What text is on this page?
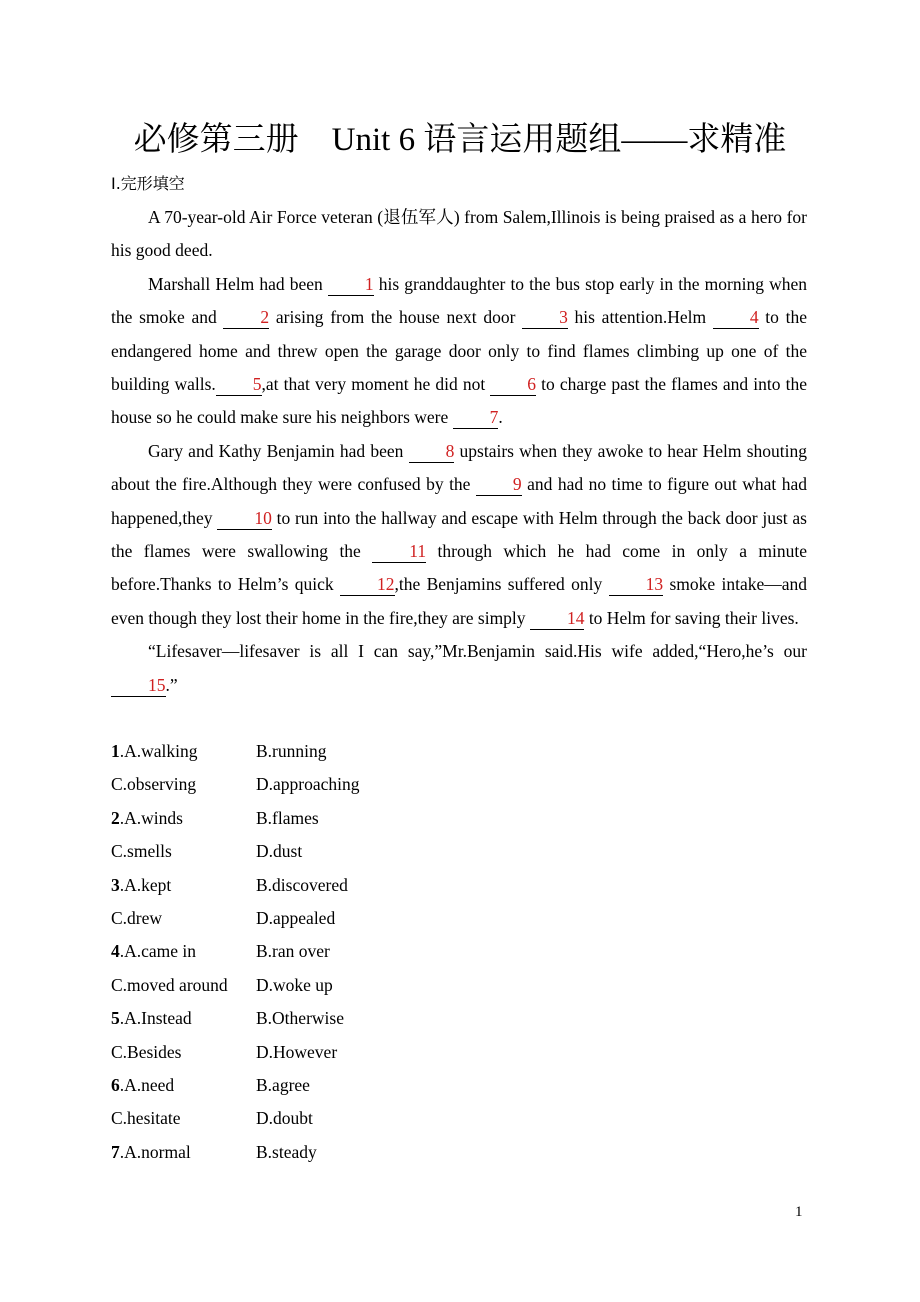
必修第三册　Unit 6 语言运用题组——求精准
Ⅰ.完形填空

A 70-year-old Air Force veteran (退伍军人) from Salem,Illinois is being praised as a hero for his good deed.

Marshall Helm had been 1 his granddaughter to the bus stop early in the morning when the smoke and 2 arising from the house next door 3 his attention.Helm 4 to the endangered home and threw open the garage door only to find flames climbing up one of the building walls. 5,at that very moment he did not 6 to charge past the flames and into the house so he could make sure his neighbors were 7.

Gary and Kathy Benjamin had been 8 upstairs when they awoke to hear Helm shouting about the fire.Although they were confused by the 9 and had no time to figure out what had happened,they 10 to run into the hallway and escape with Helm through the back door just as the flames were swallowing the 11 through which he had come in only a minute before.Thanks to Helm’s quick 12,the Benjamins suffered only 13 smoke intake—and even though they lost their home in the fire,they are simply 14 to Helm for saving their lives.

“Lifesaver—lifesaver is all I can say,”Mr.Benjamin said.His wife added,“Hero,he’s our 15.”

1.A.walking	B.running
C.observing	D.approaching
2.A.winds	B.flames
C.smells	D.dust
3.A.kept	B.discovered
C.drew	D.appealed
4.A.came in	B.ran over
C.moved around D.woke up
5.A.Instead	B.Otherwise
C.Besides	D.However
6.A.need	B.agree
C.hesitate	D.doubt
7.A.normal	B.steady
1
